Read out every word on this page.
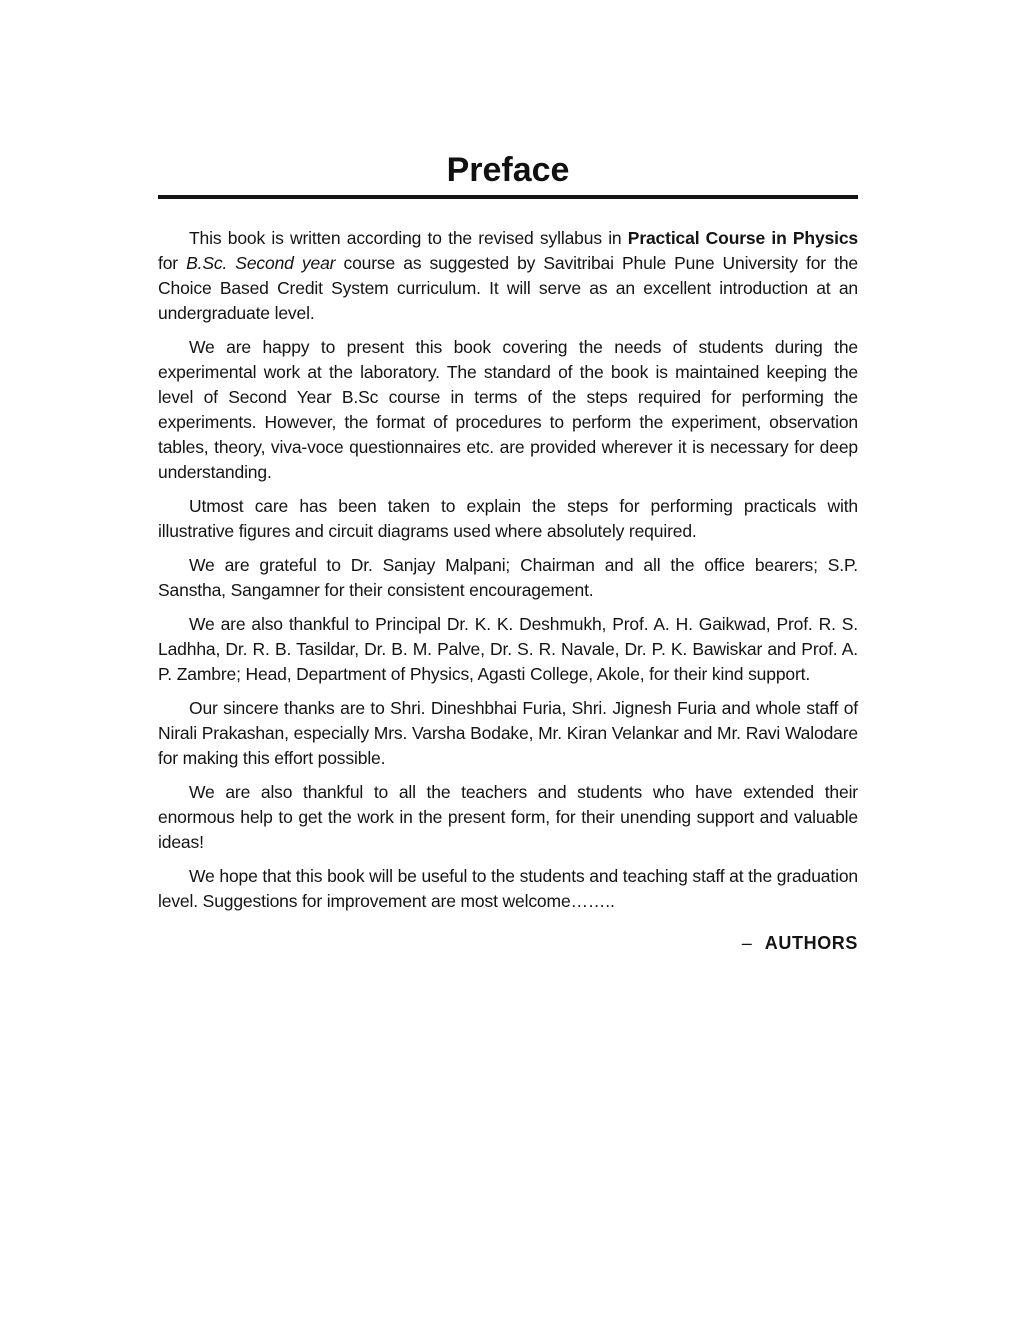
Preface

This book is written according to the revised syllabus in Practical Course in Physics for B.Sc. Second year course as suggested by Savitribai Phule Pune University for the Choice Based Credit System curriculum. It will serve as an excellent introduction at an undergraduate level.

We are happy to present this book covering the needs of students during the experimental work at the laboratory. The standard of the book is maintained keeping the level of Second Year B.Sc course in terms of the steps required for performing the experiments. However, the format of procedures to perform the experiment, observation tables, theory, viva-voce questionnaires etc. are provided wherever it is necessary for deep understanding.

Utmost care has been taken to explain the steps for performing practicals with illustrative figures and circuit diagrams used where absolutely required.

We are grateful to Dr. Sanjay Malpani; Chairman and all the office bearers; S.P. Sanstha, Sangamner for their consistent encouragement.

We are also thankful to Principal Dr. K. K. Deshmukh, Prof. A. H. Gaikwad, Prof. R. S. Ladhha, Dr. R. B. Tasildar, Dr. B. M. Palve, Dr. S. R. Navale, Dr. P. K. Bawiskar and Prof. A. P. Zambre; Head, Department of Physics, Agasti College, Akole, for their kind support.

Our sincere thanks are to Shri. Dineshbhai Furia, Shri. Jignesh Furia and whole staff of Nirali Prakashan, especially Mrs. Varsha Bodake, Mr. Kiran Velankar and Mr. Ravi Walodare for making this effort possible.

We are also thankful to all the teachers and students who have extended their enormous help to get the work in the present form, for their unending support and valuable ideas!

We hope that this book will be useful to the students and teaching staff at the graduation level. Suggestions for improvement are most welcome……..

– AUTHORS
